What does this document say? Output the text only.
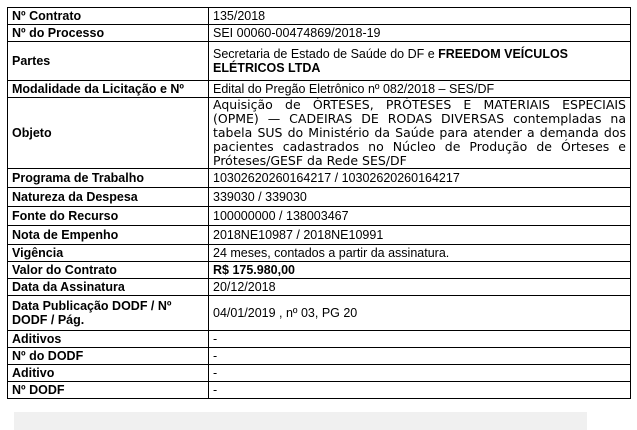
Nº Contrato	135/2018
Nº do Processo	SEI 00060-00474869/2018-19
Partes	Secretaria de Estado de Saúde do DF e FREEDOM VEÍCULOS ELÉTRICOS LTDA
Modalidade da Licitação e Nº	Edital do Pregão Eletrônico nº 082/2018 – SES/DF
Objeto	Aquisição de ÓRTESES, PRÓTESES E MATERIAIS ESPECIAIS (OPME) — CADEIRAS DE RODAS DIVERSAS contempladas na tabela SUS do Ministério da Saúde para atender a demanda dos pacientes cadastrados no Núcleo de Produção de Órteses e Próteses/GESF da Rede SES/DF
Programa de Trabalho	10302620260164217 / 10302620260164217
Natureza da Despesa	339030 / 339030
Fonte do Recurso	100000000 / 138003467
Nota de Empenho	2018NE10987 / 2018NE10991
Vigência	24 meses, contados a partir da assinatura.
Valor do Contrato	R$ 175.980,00
Data da Assinatura	20/12/2018
Data Publicação DODF / Nº DODF / Pág.	04/01/2019 , nº 03, PG 20
Aditivos	-
Nº do DODF	-
Aditivo	-
Nº DODF	-
